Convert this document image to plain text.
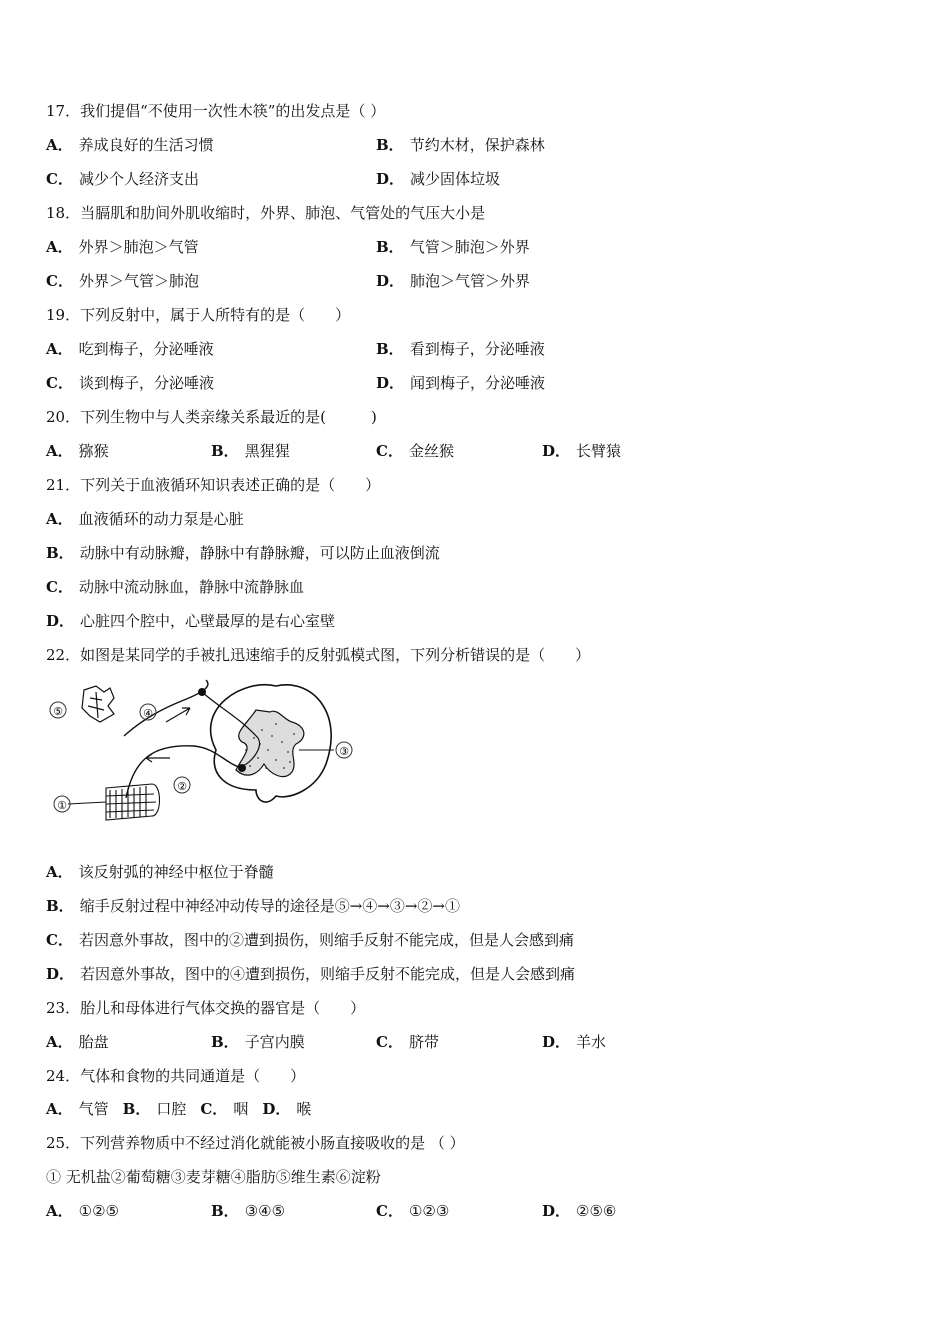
17．我们提倡“不使用一次性木筷”的出发点是（ ）
A． 养成良好的生活习惯	B． 节约木材，保护森林
C． 减少个人经济支出	D． 减少固体垃圾
18．当膈肌和肋间外肌收缩时，外界、肺泡、气管处的气压大小是
A． 外界＞肺泡＞气管	B． 气管＞肺泡＞外界
C． 外界＞气管＞肺泡	D． 肺泡＞气管＞外界
19．下列反射中，属于人所特有的是（　　）
A． 吃到梅子，分泌唾液	B． 看到梅子，分泌唾液
C． 谈到梅子，分泌唾液	D． 闻到梅子，分泌唾液
20．下列生物中与人类亲缘关系最近的是(　　　)
A． 猕猴	B． 黑猩猩	C． 金丝猴	D． 长臂猿
21．下列关于血液循环知识表述正确的是（　　）
A． 血液循环的动力泵是心脏
B． 动脉中有动脉瓣，静脉中有静脉瓣，可以防止血液倒流
C． 动脉中流动脉血，静脉中流静脉血
D． 心脏四个腔中，心壁最厚的是右心室壁
22．如图是某同学的手被扎迅速缩手的反射弧模式图，下列分析错误的是（　　）
⑤	④
③
②
①
A． 该反射弧的神经中枢位于脊髓
B． 缩手反射过程中神经冲动传导的途径是⑤→④→③→②→①
C． 若因意外事故，图中的②遭到损伤，则缩手反射不能完成，但是人会感到痛
D． 若因意外事故，图中的④遭到损伤，则缩手反射不能完成，但是人会感到痛
23．胎儿和母体进行气体交换的器官是（　　）
A． 胎盘	B． 子宫内膜	C． 脐带	D． 羊水
24．气体和食物的共同通道是（　　）
A． 气管 B． 口腔 C． 咽 D． 喉
25．下列营养物质中不经过消化就能被小肠直接吸收的是 （ ）
① 无机盐②葡萄糖③麦芽糖④脂肪⑤维生素⑥淀粉
A． ①②⑤	B． ③④⑤	C． ①②③	D． ②⑤⑥
